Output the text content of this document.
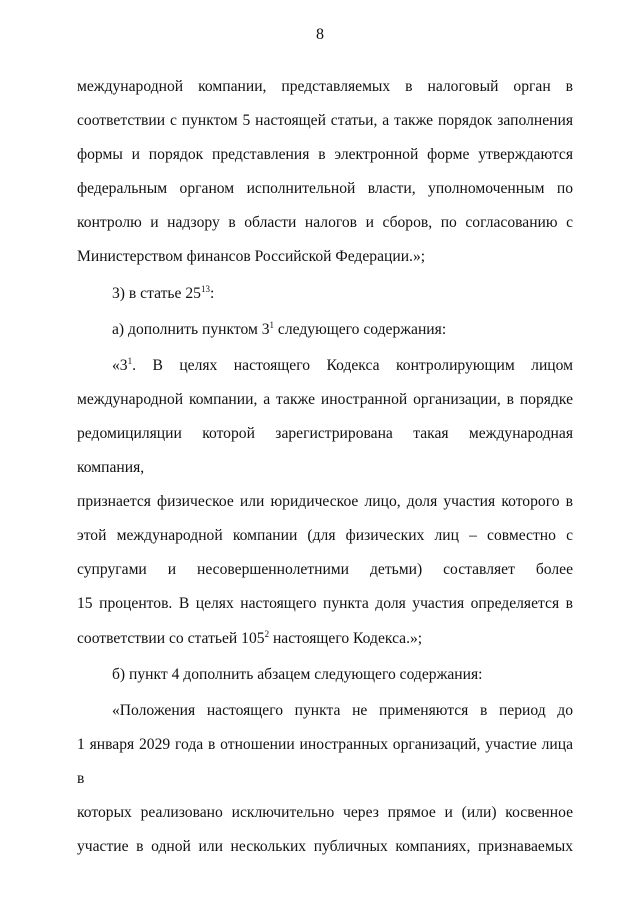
8

международной компании, представляемых в налоговый орган в

соответствии с пунктом 5 настоящей статьи, а также порядок заполнения

формы и порядок представления в электронной форме утверждаются

федеральным органом исполнительной власти, уполномоченным по

контролю и надзору в области налогов и сборов, по согласованию с

Министерством финансов Российской Федерации.»;

3) в статье $25^{13}$:

а) дополнить пунктом $3^1$ следующего содержания:

«$3^1$. В целях настоящего Кодекса контролирующим лицом

международной компании, а также иностранной организации, в порядке

редомициляции которой зарегистрирована такая международная компания,

признается физическое или юридическое лицо, доля участия которого в

этой международной компании (для физических лиц – совместно с

супругами и несовершеннолетними детьми) составляет более

15 процентов. В целях настоящего пункта доля участия определяется в

соответствии со статьей $105^2$ настоящего Кодекса.»;

б) пункт 4 дополнить абзацем следующего содержания:

«Положения настоящего пункта не применяются в период до

1 января 2029 года в отношении иностранных организаций, участие лица в

которых реализовано исключительно через прямое и (или) косвенное

участие в одной или нескольких публичных компаниях, признаваемых
